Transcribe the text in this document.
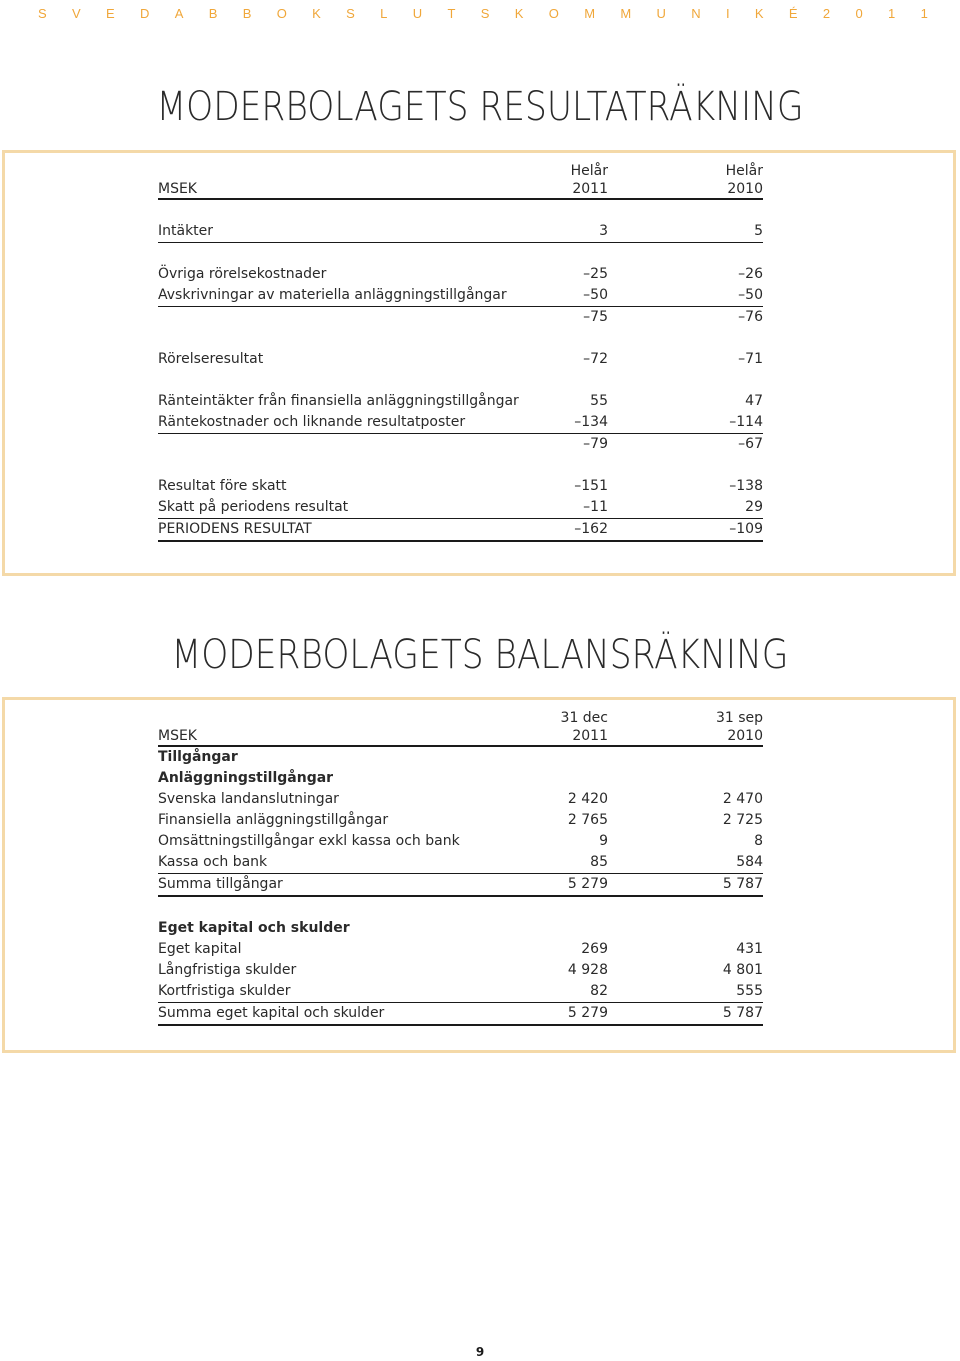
S V E D A B B O K S L U T S K O M M U N I K É 2 0 1 1
MODERBOLAGETS RESULTATRÄKNING
	Helår	Helår
MSEK	2011	2010

Intäkter	3	5

Övriga rörelsekostnader	–25	–26
Avskrivningar av materiella anläggningstillgångar	–50	–50
	–75	–76

Rörelseresultat	–72	–71

Ränteintäkter från finansiella anläggningstillgångar	55	47
Räntekostnader och liknande resultatposter	–134	–114
	–79	–67

Resultat före skatt	–151	–138
Skatt på periodens resultat	–11	29
PERIODENS RESULTAT	–162	–109
MODERBOLAGETS BALANSRÄKNING
	31 dec	31 sep
MSEK	2011	2010
Tillgångar		
Anläggningstillgångar		
Svenska landanslutningar	2 420	2 470
Finansiella anläggningstillgångar	2 765	2 725
Omsättningstillgångar exkl kassa och bank	9	8
Kassa och bank	85	584
Summa tillgångar	5 279	5 787

Eget kapital och skulder		
Eget kapital	269	431
Långfristiga skulder	4 928	4 801
Kortfristiga skulder	82	555
Summa eget kapital och skulder	5 279	5 787
9
